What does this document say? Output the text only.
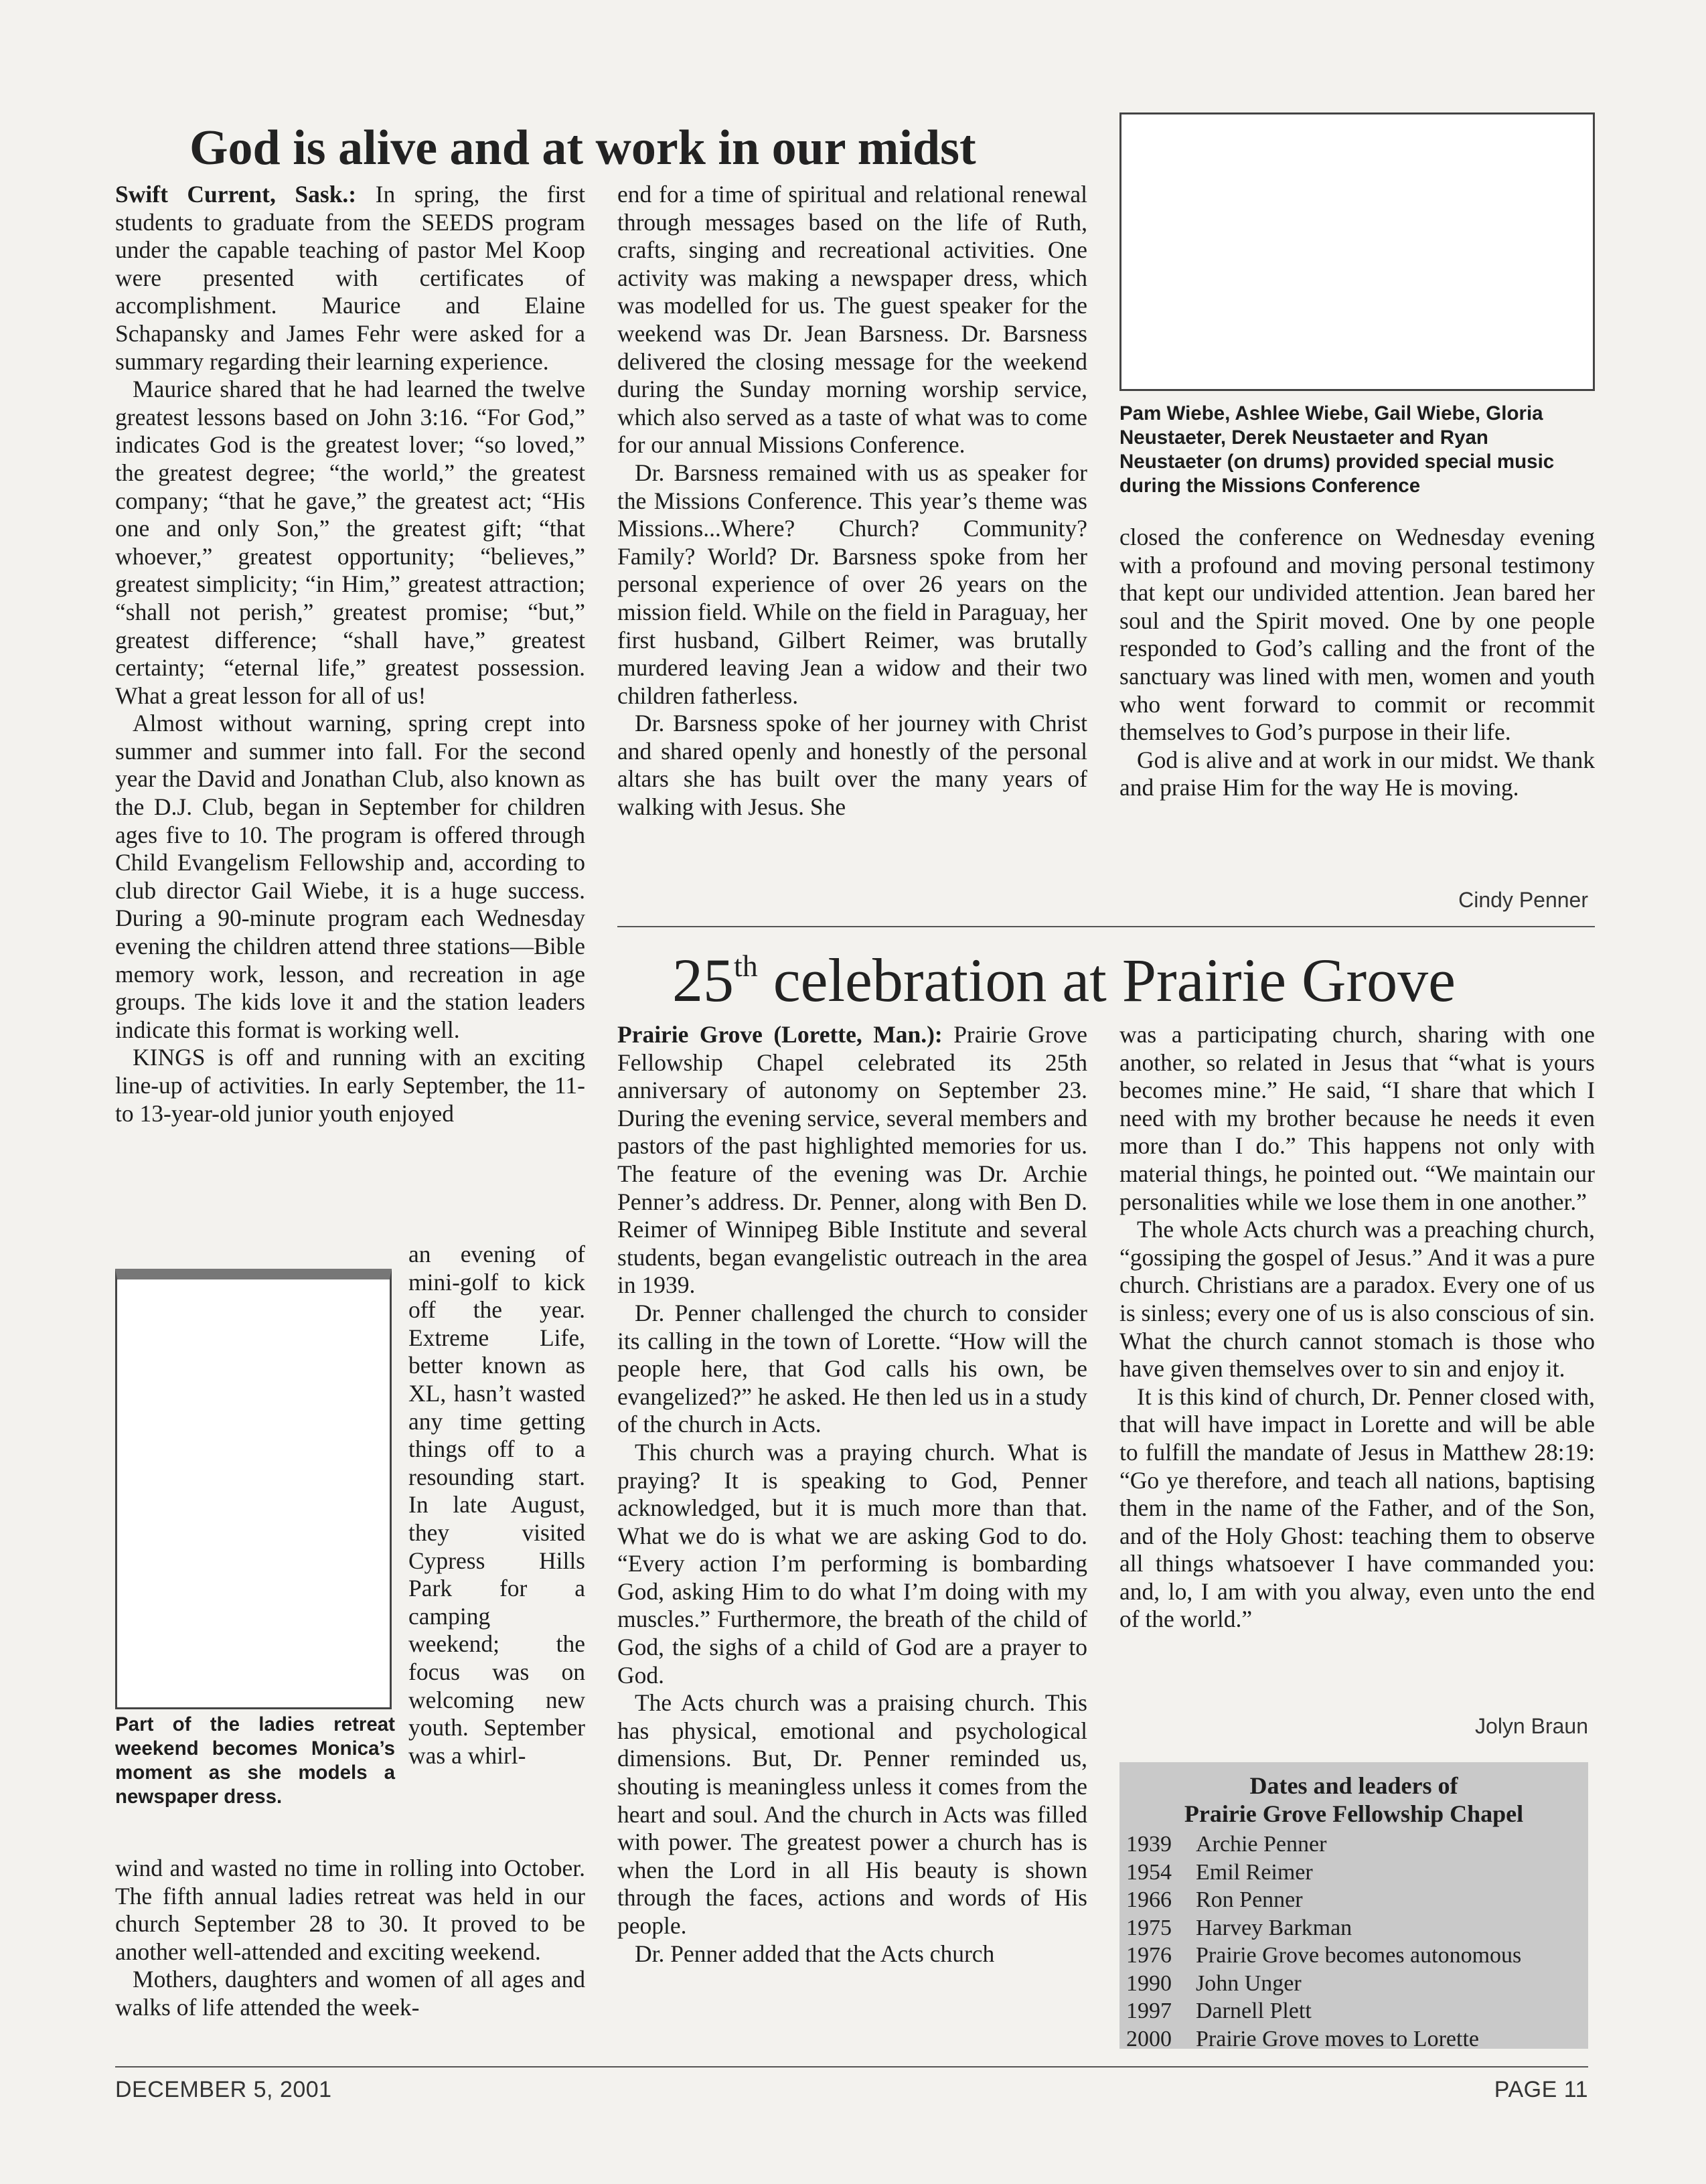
God is alive and at work in our midst
Pam Wiebe, Ashlee Wiebe, Gail Wiebe, Gloria Neustaeter, Derek Neustaeter and Ryan Neustaeter (on drums) provided special music during the Missions Conference

Swift Current, Sask.: In spring, the first students to graduate from the SEEDS program under the capable teaching of pastor Mel Koop were presented with certificates of accomplishment. Maurice and Elaine Schapansky and James Fehr were asked for a summary regarding their learning experience.

Maurice shared that he had learned the twelve greatest lessons based on John 3:16. “For God,” indicates God is the greatest lover; “so loved,” the greatest degree; “the world,” the greatest company; “that he gave,” the greatest act; “His one and only Son,” the greatest gift; “that whoever,” greatest opportunity; “believes,” greatest simplicity; “in Him,” greatest attraction; “shall not perish,” greatest promise; “but,” greatest difference; “shall have,” greatest certainty; “eternal life,” greatest possession. What a great lesson for all of us!

Almost without warning, spring crept into summer and summer into fall. For the second year the David and Jonathan Club, also known as the D.J. Club, began in September for children ages five to 10. The program is offered through Child Evangelism Fellowship and, according to club director Gail Wiebe, it is a huge success. During a 90-minute program each Wednesday evening the children attend three stations—Bible memory work, lesson, and recreation in age groups. The kids love it and the station leaders indicate this format is working well.

KINGS is off and running with an exciting line-up of activities. In early September, the 11- to 13-year-old junior youth enjoyed

Part of the ladies retreat weekend becomes Monica’s moment as she models a newspaper dress.

an evening of mini-golf to kick off the year. Extreme Life, better known as XL, hasn’t wasted any time getting things off to a resounding start. In late August, they visited Cypress Hills Park for a camping weekend; the focus was on welcoming new youth. September was a whirl-

wind and wasted no time in rolling into October. The fifth annual ladies retreat was held in our church September 28 to 30. It proved to be another well-attended and exciting weekend.

Mothers, daughters and women of all ages and walks of life attended the week-

end for a time of spiritual and relational renewal through messages based on the life of Ruth, crafts, singing and recreational activities. One activity was making a newspaper dress, which was modelled for us. The guest speaker for the weekend was Dr. Jean Barsness. Dr. Barsness delivered the closing message for the weekend during the Sunday morning worship service, which also served as a taste of what was to come for our annual Missions Conference.

Dr. Barsness remained with us as speaker for the Missions Conference. This year’s theme was Missions...Where? Church? Community? Family? World? Dr. Barsness spoke from her personal experience of over 26 years on the mission field. While on the field in Paraguay, her first husband, Gilbert Reimer, was brutally murdered leaving Jean a widow and their two children fatherless.

Dr. Barsness spoke of her journey with Christ and shared openly and honestly of the personal altars she has built over the many years of walking with Jesus. She

closed the conference on Wednesday evening with a profound and moving personal testimony that kept our undivided attention. Jean bared her soul and the Spirit moved. One by one people responded to God’s calling and the front of the sanctuary was lined with men, women and youth who went forward to commit or recommit themselves to God’s purpose in their life.

God is alive and at work in our midst. We thank and praise Him for the way He is moving.

Cindy Penner
25th celebration at Prairie Grove

Prairie Grove (Lorette, Man.): Prairie Grove Fellowship Chapel celebrated its 25th anniversary of autonomy on September 23. During the evening service, several members and pastors of the past highlighted memories for us. The feature of the evening was Dr. Archie Penner’s address. Dr. Penner, along with Ben D. Reimer of Winnipeg Bible Institute and several students, began evangelistic outreach in the area in 1939.

Dr. Penner challenged the church to consider its calling in the town of Lorette. “How will the people here, that God calls his own, be evangelized?” he asked. He then led us in a study of the church in Acts.

This church was a praying church. What is praying? It is speaking to God, Penner acknowledged, but it is much more than that. What we do is what we are asking God to do. “Every action I’m performing is bombarding God, asking Him to do what I’m doing with my muscles.” Furthermore, the breath of the child of God, the sighs of a child of God are a prayer to God.

The Acts church was a praising church. This has physical, emotional and psychological dimensions. But, Dr. Penner reminded us, shouting is meaningless unless it comes from the heart and soul. And the church in Acts was filled with power. The greatest power a church has is when the Lord in all His beauty is shown through the faces, actions and words of His people.

Dr. Penner added that the Acts church

was a participating church, sharing with one another, so related in Jesus that “what is yours becomes mine.” He said, “I share that which I need with my brother because he needs it even more than I do.” This happens not only with material things, he pointed out. “We maintain our personalities while we lose them in one another.”

The whole Acts church was a preaching church, “gossiping the gospel of Jesus.” And it was a pure church. Christians are a paradox. Every one of us is sinless; every one of us is also conscious of sin. What the church cannot stomach is those who have given themselves over to sin and enjoy it.

It is this kind of church, Dr. Penner closed with, that will have impact in Lorette and will be able to fulfill the mandate of Jesus in Matthew 28:19: “Go ye therefore, and teach all nations, baptising them in the name of the Father, and of the Son, and of the Holy Ghost: teaching them to observe all things whatsoever I have commanded you: and, lo, I am with you alway, even unto the end of the world.”

Jolyn Braun
Dates and leaders of
Prairie Grove Fellowship Chapel
1939 Archie Penner
1954 Emil Reimer
1966 Ron Penner
1975 Harvey Barkman
1976 Prairie Grove becomes autonomous
1990 John Unger
1997 Darnell Plett
2000 Prairie Grove moves to Lorette
DECEMBER 5, 2001	PAGE 11
